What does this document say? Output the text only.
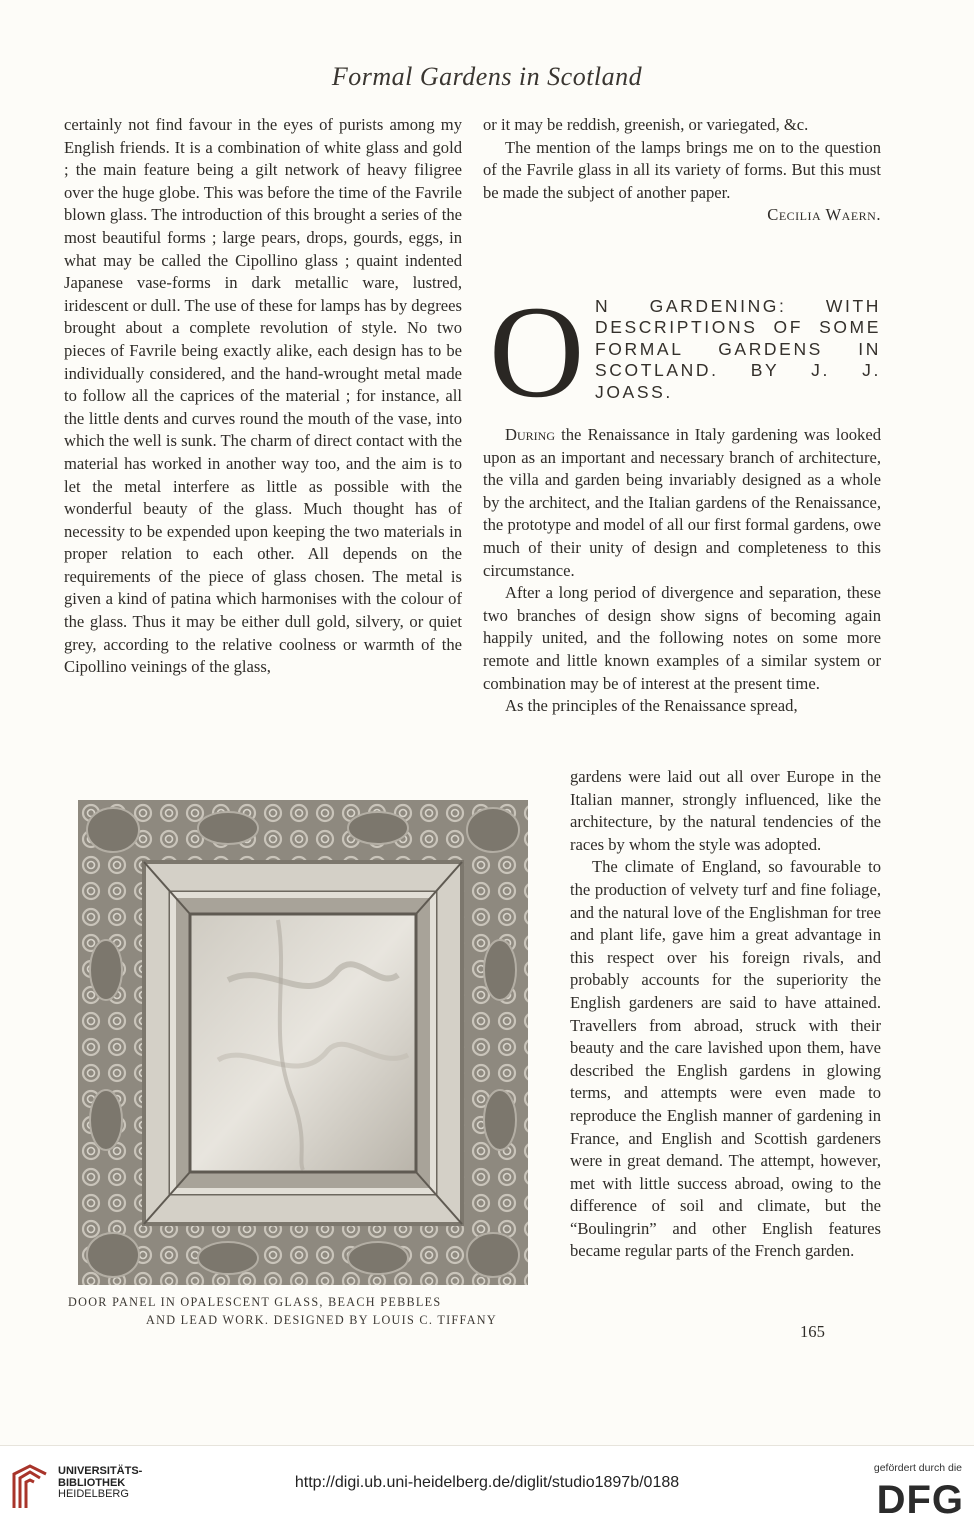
Formal Gardens in Scotland

certainly not find favour in the eyes of purists among my English friends. It is a combination of white glass and gold ; the main feature being a gilt network of heavy filigree over the huge globe. This was before the time of the Favrile blown glass. The introduction of this brought a series of the most beautiful forms ; large pears, drops, gourds, eggs, in what may be called the Cipollino glass ; quaint indented Japanese vase-forms in dark metallic ware, lustred, iridescent or dull. The use of these for lamps has by degrees brought about a complete revolution of style. No two pieces of Favrile being exactly alike, each design has to be individually considered, and the hand-wrought metal made to follow all the caprices of the material ; for instance, all the little dents and curves round the mouth of the vase, into which the well is sunk. The charm of direct contact with the material has worked in another way too, and the aim is to let the metal interfere as little as possible with the wonderful beauty of the glass. Much thought has of necessity to be expended upon keeping the two materials in proper relation to each other. All depends on the requirements of the piece of glass chosen. The metal is given a kind of patina which harmonises with the colour of the glass. Thus it may be either dull gold, silvery, or quiet grey, according to the relative coolness or warmth of the Cipollino veinings of the glass,

or it may be reddish, greenish, or variegated, &c.

The mention of the lamps brings me on to the question of the Favrile glass in all its variety of forms. But this must be made the subject of another paper.

Cecilia Waern.

O N GARDENING: WITH DESCRIPTIONS OF SOME FORMAL GARDENS IN SCOTLAND. BY J. J. JOASS.

During the Renaissance in Italy gardening was looked upon as an important and necessary branch of architecture, the villa and garden being invariably designed as a whole by the architect, and the Italian gardens of the Renaissance, the prototype and model of all our first formal gardens, owe much of their unity of design and completeness to this circumstance.

After a long period of divergence and separation, these two branches of design show signs of becoming again happily united, and the following notes on some more remote and little known examples of a similar system or combination may be of interest at the present time.

As the principles of the Renaissance spread,

gardens were laid out all over Europe in the Italian manner, strongly influenced, like the architecture, by the natural tendencies of the races by whom the style was adopted.

The climate of England, so favourable to the production of velvety turf and fine foliage, and the natural love of the Englishman for tree and plant life, gave him a great advantage in this respect over his foreign rivals, and probably accounts for the superiority the English gardeners are said to have attained. Travellers from abroad, struck with their beauty and the care lavished upon them, have described the English gardens in glowing terms, and attempts were even made to reproduce the English manner of gardening in France, and English and Scottish gardeners were in great demand. The attempt, however, met with little success abroad, owing to the difference of soil and climate, but the “Boulingrin” and other English features became regular parts of the French garden.

DOOR PANEL IN OPALESCENT GLASS, BEACH PEBBLES
AND LEAD WORK. DESIGNED BY LOUIS C. TIFFANY
165
UNIVERSITÄTS-
BIBLIOTHEK
HEIDELBERG
http://digi.ub.uni-heidelberg.de/diglit/studio1897b/0188
gefördert durch die
DFG
